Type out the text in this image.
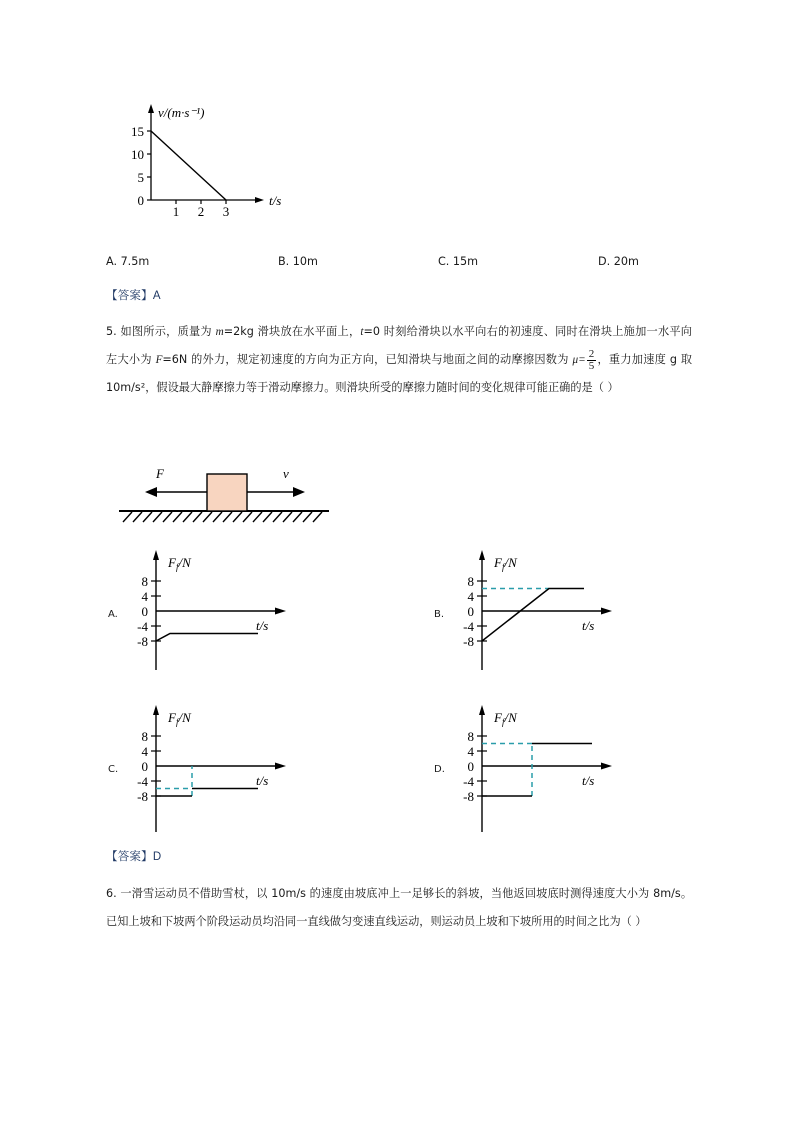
0
5
10
15
1 2 3
v/(m·s⁻¹)
t/s
A. 7.5m	B. 10m	C. 15m	D. 20m
【答案】A
5. 如图所示，质量为 m=2kg 滑块放在水平面上，t=0 时刻给滑块以水平向右的初速度、同时在滑块上施加一水平向左大小为 F=6N 的外力，规定初速度的方向为正方向，已知滑块与地面之间的动摩擦因数为 $\mu= \frac{2}{5}$ ，重力加速度 g 取 10m/s²，假设最大静摩擦力等于滑动摩擦力。则滑块所受的摩擦力随时间的变化规律可能正确的是（ ）
F	v
A.
8
4
0
-4
-8
$F_f/N$
t/s
B.
8
4
0
-4
-8
$F_f/N$
t/s
C.
8
4
0
-4
-8
$F_f/N$
t/s
D.
8
4
0
-4
-8
$F_f/N$
t/s
【答案】D
6. 一滑雪运动员不借助雪杖，以 10m/s 的速度由坡底冲上一足够长的斜坡，当他返回坡底时测得速度大小为 8m/s。已知上坡和下坡两个阶段运动员均沿同一直线做匀变速直线运动，则运动员上坡和下坡所用的时间之比为（ ）
